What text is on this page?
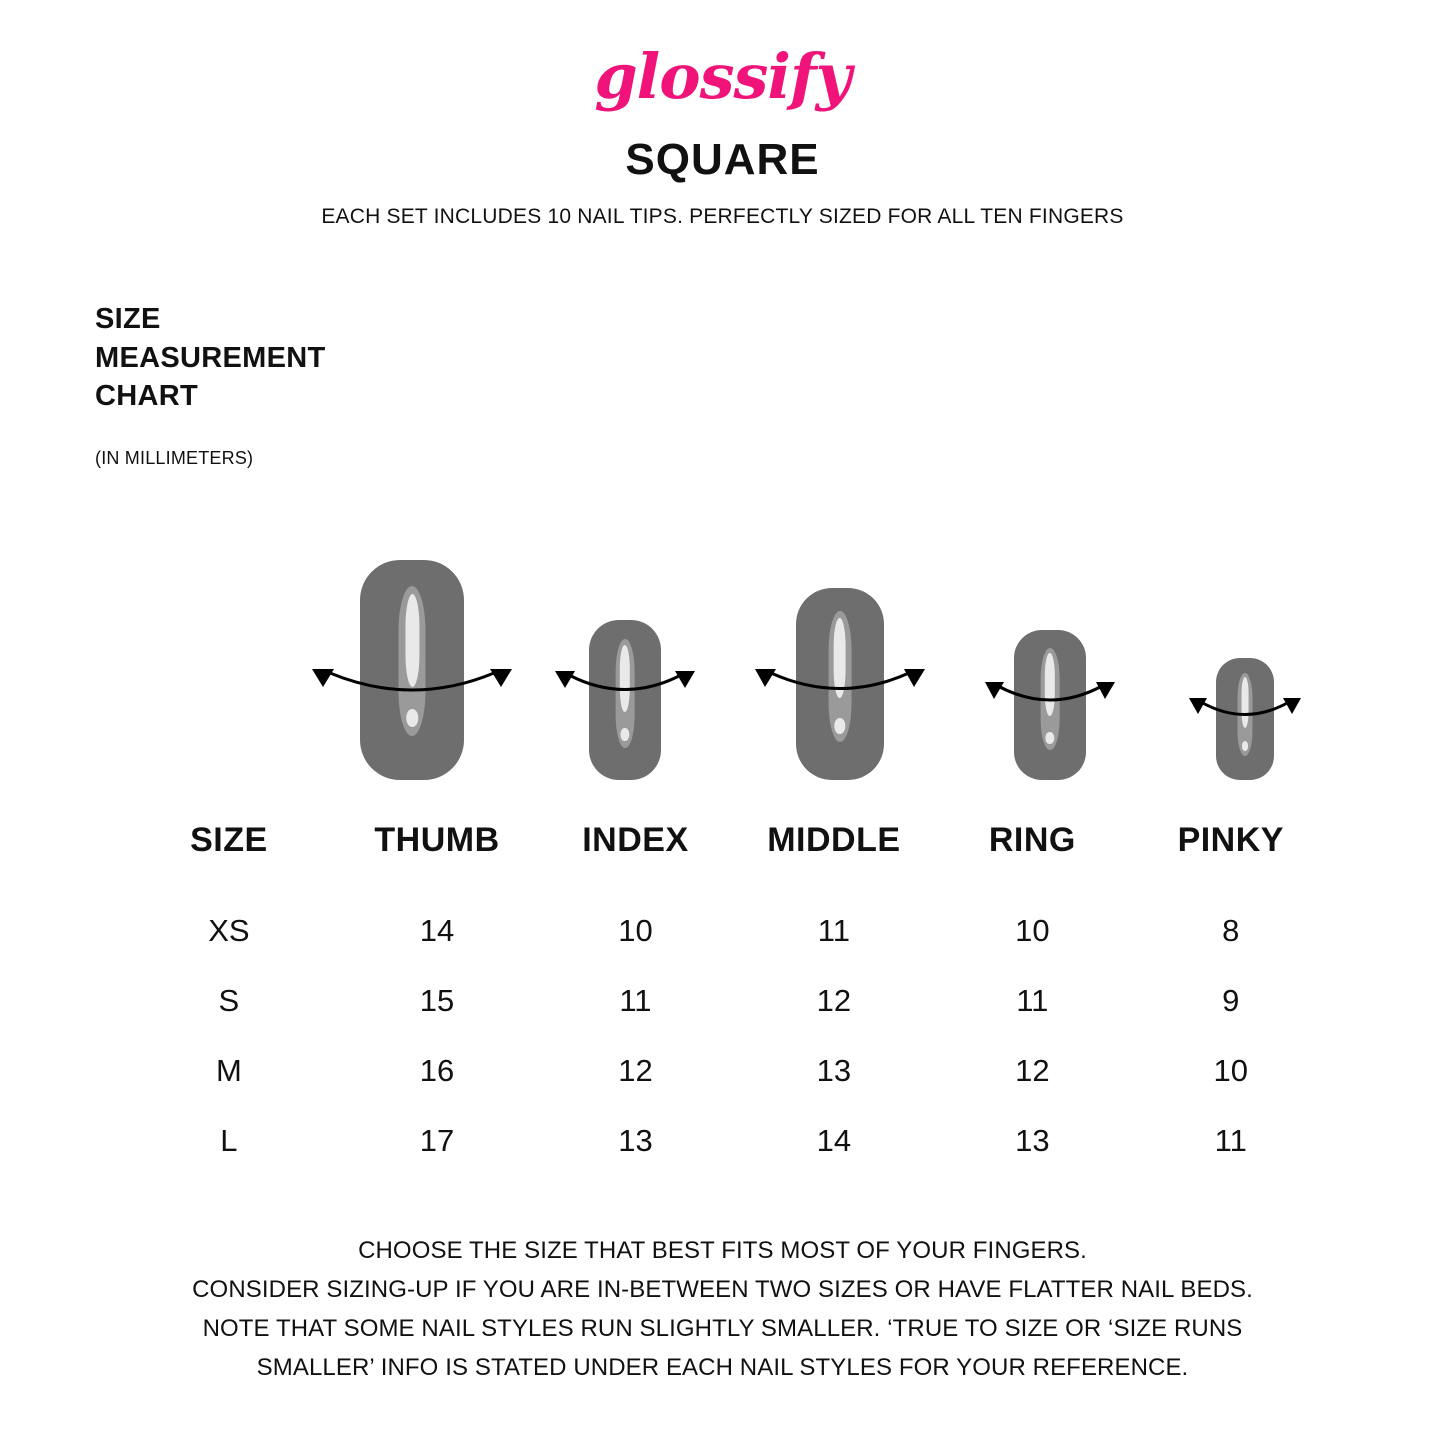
glossify
SQUARE
EACH SET INCLUDES 10 NAIL TIPS. PERFECTLY SIZED FOR ALL TEN FINGERS
SIZE
MEASUREMENT
CHART
(IN MILLIMETERS)
SIZE	THUMB	INDEX	MIDDLE	RING	PINKY
XS	14	10	11	10	8
S	15	11	12	11	9
M	16	12	13	12	10
L	17	13	14	13	11
CHOOSE THE SIZE THAT BEST FITS MOST OF YOUR FINGERS.
CONSIDER SIZING-UP IF YOU ARE IN-BETWEEN TWO SIZES OR HAVE FLATTER NAIL BEDS.
NOTE THAT SOME NAIL STYLES RUN SLIGHTLY SMALLER. ‘TRUE TO SIZE OR ‘SIZE RUNS
SMALLER’ INFO IS STATED UNDER EACH NAIL STYLES FOR YOUR REFERENCE.
